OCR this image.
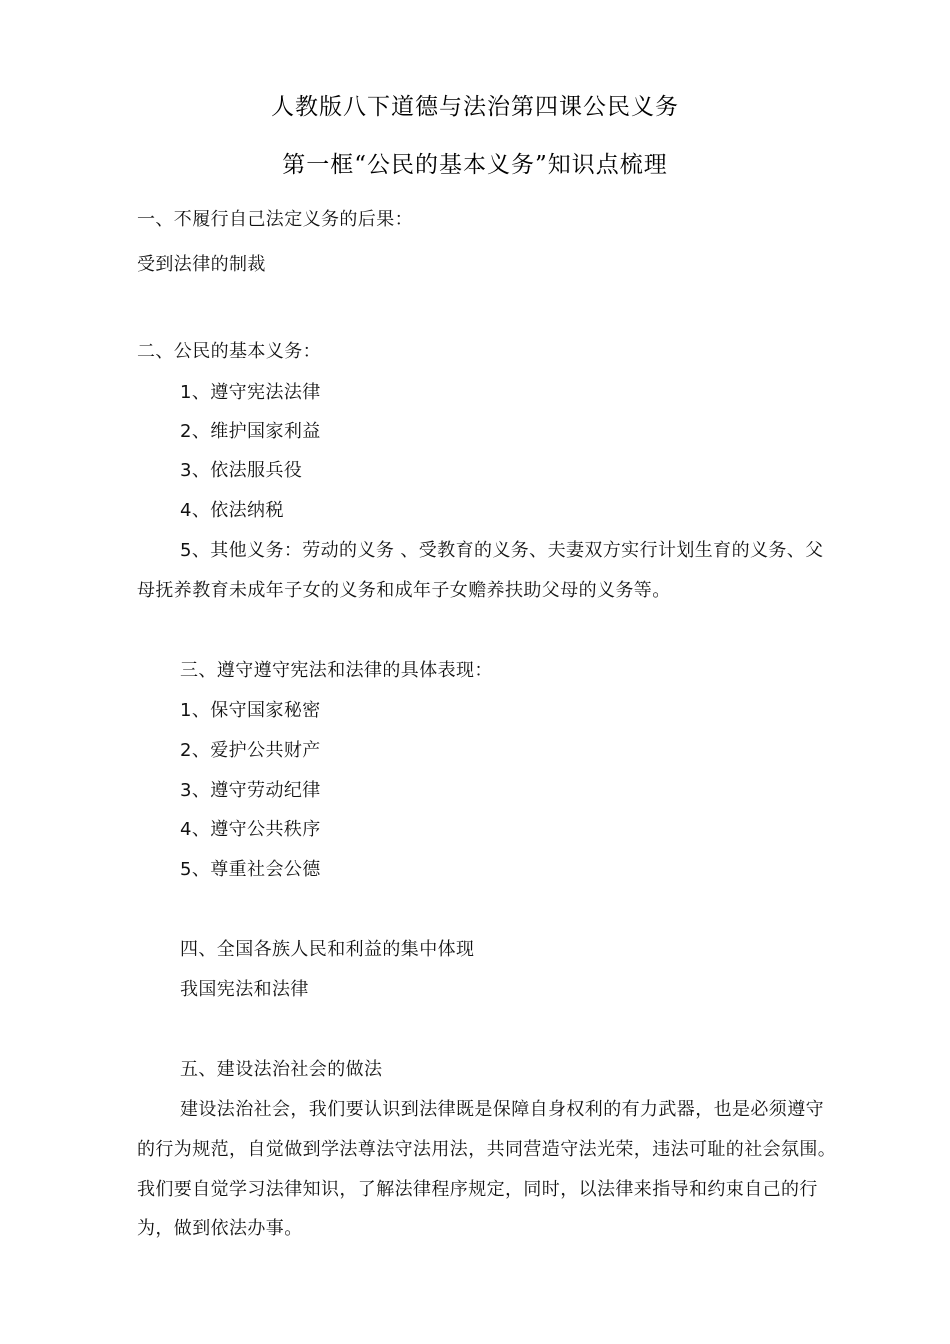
人教版八下道德与法治第四课公民义务
第一框“公民的基本义务”知识点梳理
一、不履行自己法定义务的后果：
受到法律的制裁
二、公民的基本义务：
1、遵守宪法法律
2、维护国家利益
3、依法服兵役
4、依法纳税
5、其他义务：劳动的义务 、受教育的义务、夫妻双方实行计划生育的义务、父
母抚养教育未成年子女的义务和成年子女赡养扶助父母的义务等。
三、遵守遵守宪法和法律的具体表现：
1、保守国家秘密
2、爱护公共财产
3、遵守劳动纪律
4、遵守公共秩序
5、尊重社会公德
四、全国各族人民和利益的集中体现
我国宪法和法律
五、建设法治社会的做法
建设法治社会，我们要认识到法律既是保障自身权利的有力武器，也是必须遵守
的行为规范，自觉做到学法尊法守法用法，共同营造守法光荣，违法可耻的社会氛围。
我们要自觉学习法律知识，了解法律程序规定，同时，以法律来指导和约束自己的行
为，做到依法办事。
